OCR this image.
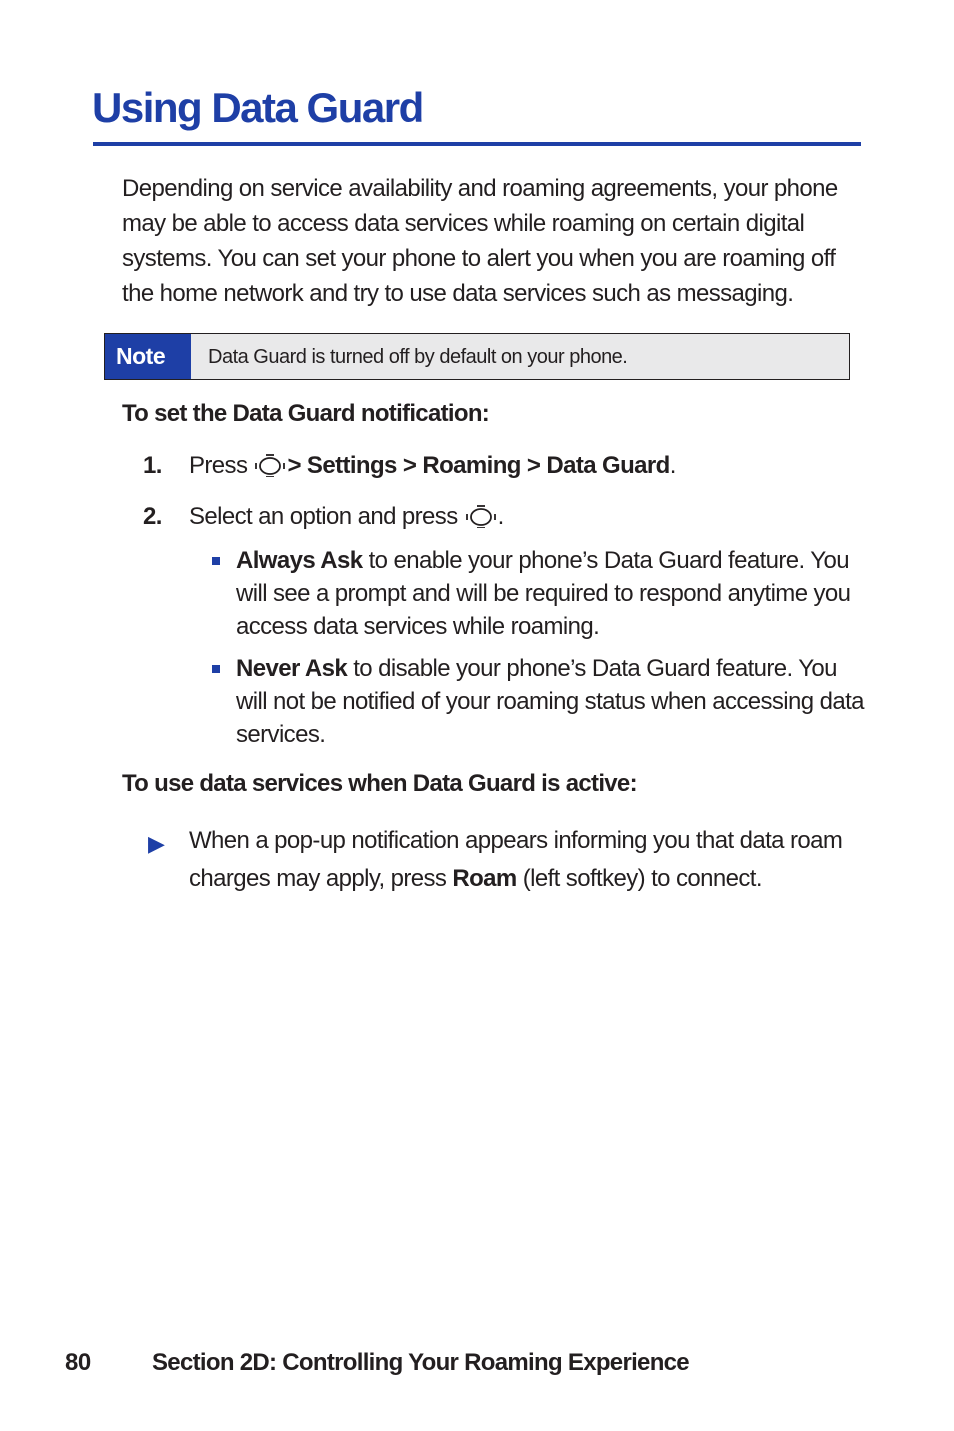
Using Data Guard

Depending on service availability and roaming agreements, your phone may be able to access data services while roaming on certain digital systems. You can set your phone to alert you when you are roaming off the home network and try to use data services such as messaging.

Note	Data Guard is turned off by default on your phone.
To set the Data Guard notification:
1. Press > Settings > Roaming > Data Guard.
2. Select an option and press .
Always Ask to enable your phone’s Data Guard feature. You will see a prompt and will be required to respond anytime you access data services while roaming.
Never Ask to disable your phone’s Data Guard feature. You will not be notified of your roaming status when accessing data services.
To use data services when Data Guard is active:
▶ When a pop-up notification appears informing you that data roam charges may apply, press Roam (left softkey) to connect.
80	Section 2D: Controlling Your Roaming Experience
